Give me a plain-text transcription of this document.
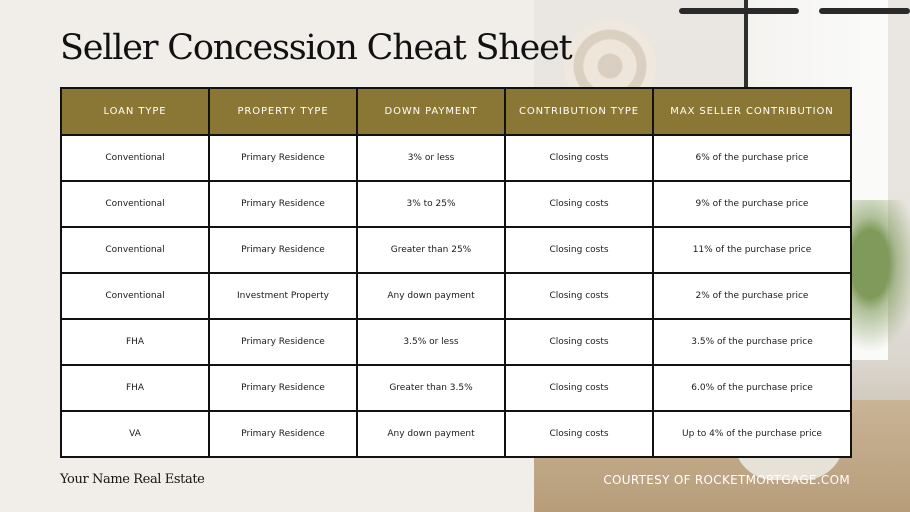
Seller Concession Cheat Sheet
LOAN TYPE	PROPERTY TYPE	DOWN PAYMENT	CONTRIBUTION TYPE	MAX SELLER CONTRIBUTION
Conventional	Primary Residence	3% or less	Closing costs	6% of the purchase price
Conventional	Primary Residence	3% to 25%	Closing costs	9% of the purchase price
Conventional	Primary Residence	Greater than 25%	Closing costs	11% of the purchase price
Conventional	Investment Property	Any down payment	Closing costs	2% of the purchase price
FHA	Primary Residence	3.5% or less	Closing costs	3.5% of the purchase price
FHA	Primary Residence	Greater than 3.5%	Closing costs	6.0% of the purchase price
VA	Primary Residence	Any down payment	Closing costs	Up to 4% of the purchase price

Your Name Real Estate	COURTESY OF ROCKETMORTGAGE.COM
